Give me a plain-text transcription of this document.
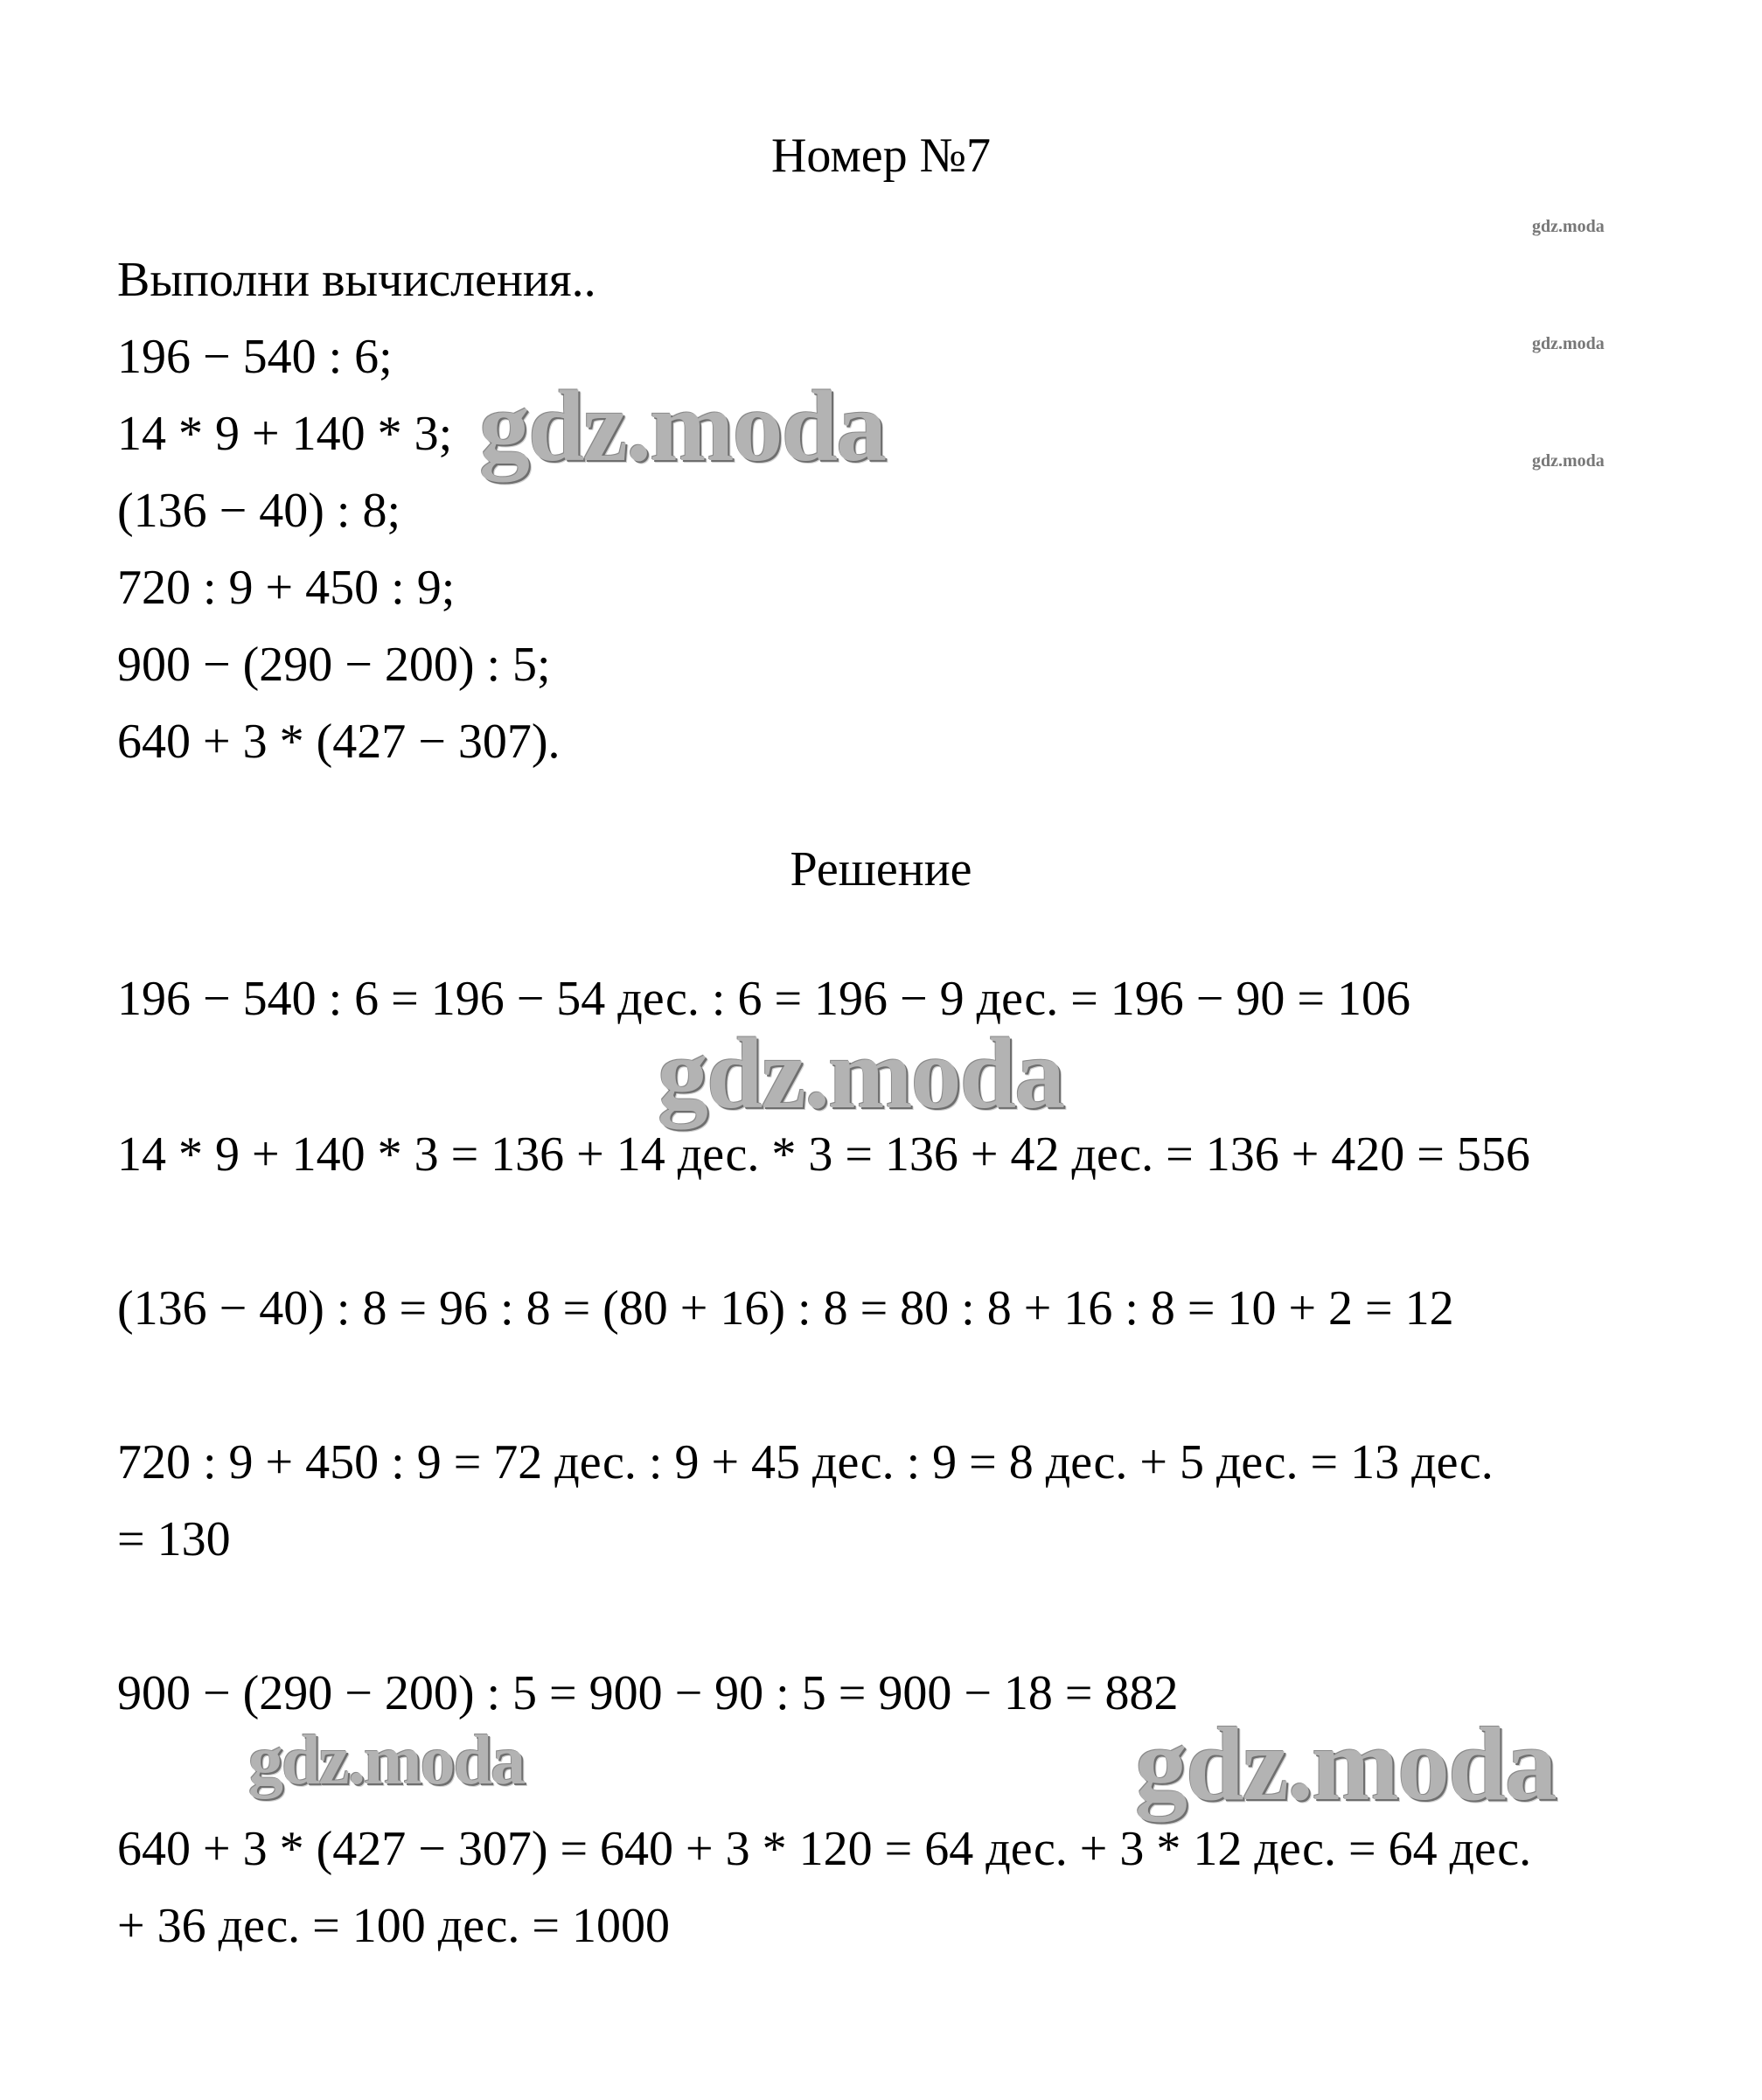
Номер №7
gdz.moda
gdz.moda
gdz.moda
Выполни вычисления..
196 − 540 : 6;
14 * 9 + 140 * 3;
(136 − 40) : 8;
720 : 9 + 450 : 9;
900 − (290 − 200) : 5;
640 + 3 * (427 − 307).
gdz.moda
Решение
196 − 540 : 6 = 196 − 54 дес. : 6 = 196 − 9 дес. = 196 − 90 = 106
gdz.moda
14 * 9 + 140 * 3 = 136 + 14 дес. * 3 = 136 + 42 дес. = 136 + 420 = 556
(136 − 40) : 8 = 96 : 8 = (80 + 16) : 8 = 80 : 8 + 16 : 8 = 10 + 2 = 12
720 : 9 + 450 : 9 = 72 дес. : 9 + 45 дес. : 9 = 8 дес. + 5 дес. = 13 дес.
= 130
900 − (290 − 200) : 5 = 900 − 90 : 5 = 900 − 18 = 882
gdz.moda	gdz.moda
640 + 3 * (427 − 307) = 640 + 3 * 120 = 64 дес. + 3 * 12 дес. = 64 дес.
+ 36 дес. = 100 дес. = 1000
